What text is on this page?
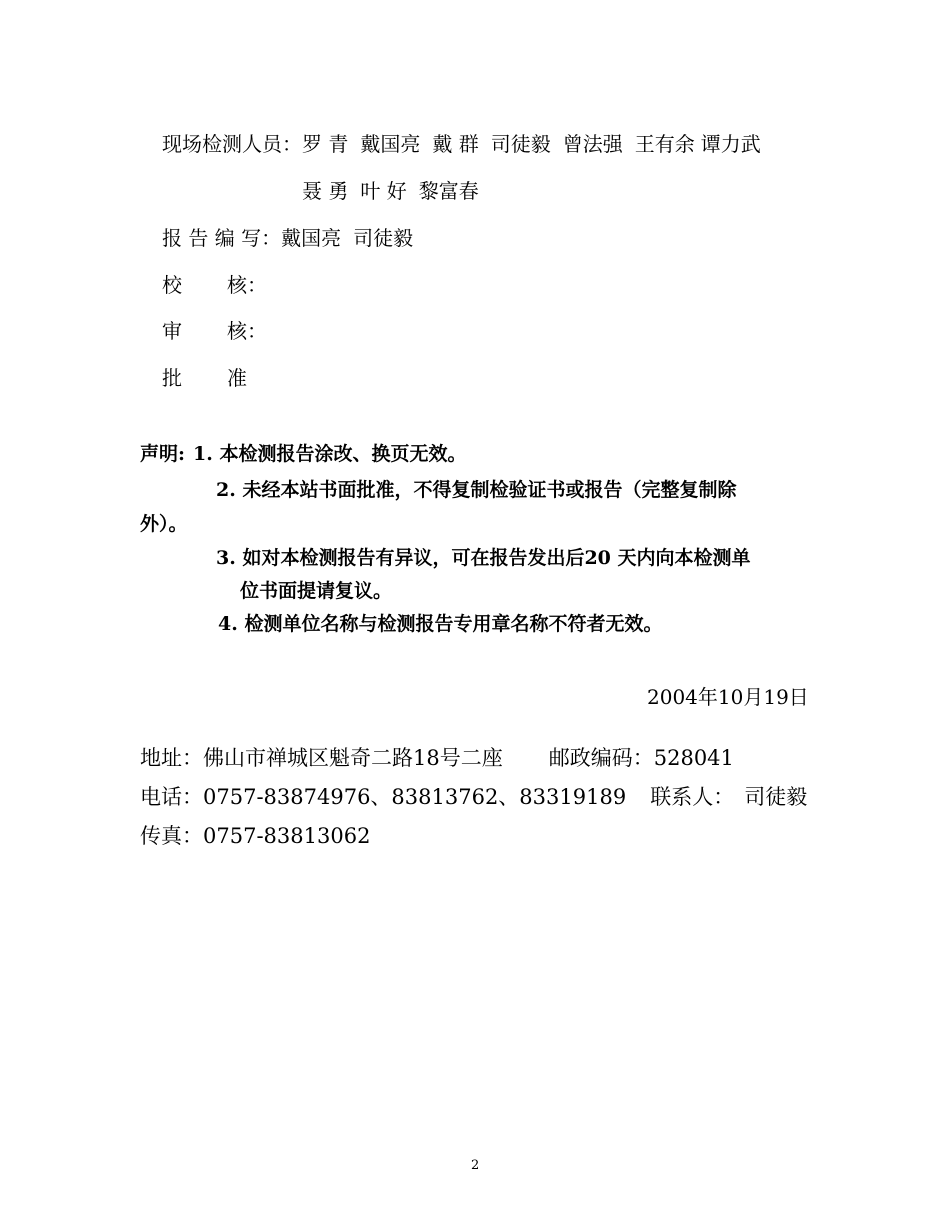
现场检测人员：罗 青 戴国亮 戴 群 司徒毅 曾法强 王有余 谭力武
聂 勇 叶 好 黎富春
报 告 编 写：戴国亮 司徒毅
校 核：
审 核：
批 准
声明: 1. 本检测报告涂改、换页无效。
2. 未经本站书面批准，不得复制检验证书或报告（完整复制除
外）。
3. 如对本检测报告有异议，可在报告发出后20 天内向本检测单
位书面提请复议。
4. 检测单位名称与检测报告专用章名称不符者无效。
2004年10月19日
地址：佛山市禅城区魁奇二路18号二座 邮政编码：528041
电话：0757-83874976、83813762、83319189 联系人： 司徒毅
传真：0757-83813062
2
